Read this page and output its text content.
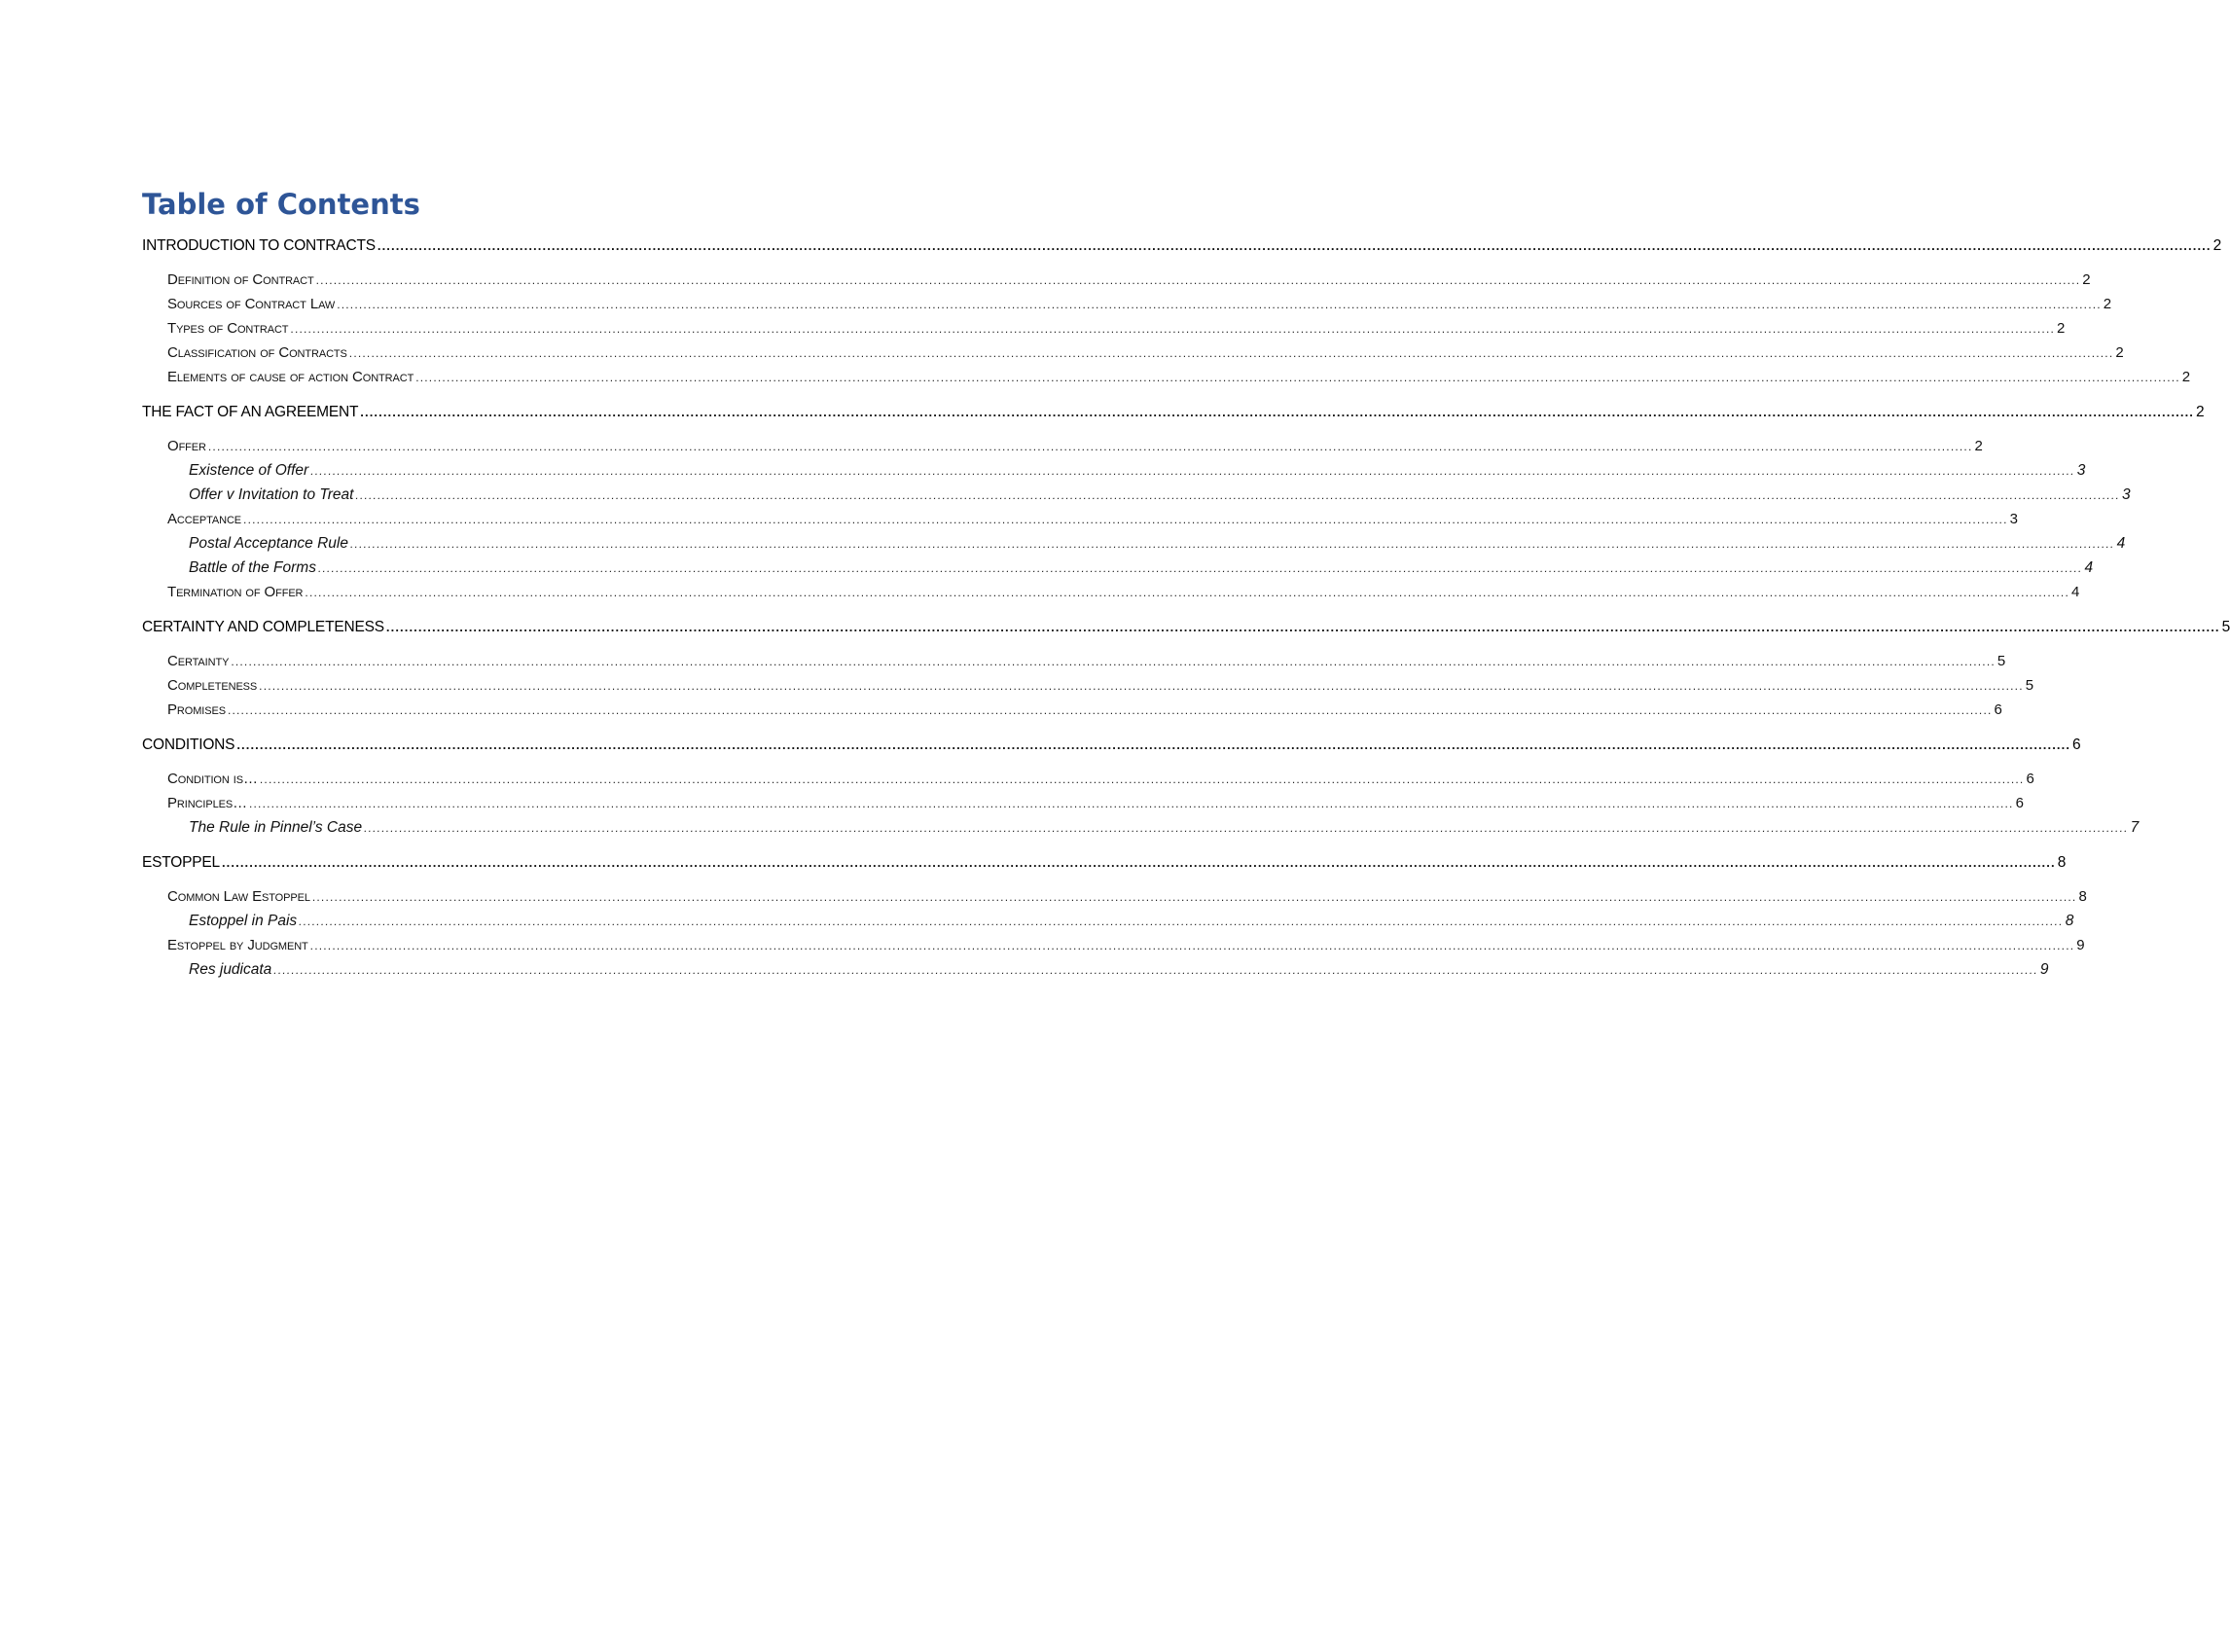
Table of Contents
INTRODUCTION TO CONTRACTS ................................................................................................................................................................................................................................................................................................................................................................................................................ 2
Definition of Contract ................................................................................................................................................................................................................................................................................................................................................................................................................ 2
Sources of Contract Law ................................................................................................................................................................................................................................................................................................................................................................................................................ 2
Types of Contract ................................................................................................................................................................................................................................................................................................................................................................................................................ 2
Classification of Contracts ................................................................................................................................................................................................................................................................................................................................................................................................................ 2
Elements of cause of action Contract ................................................................................................................................................................................................................................................................................................................................................................................................................ 2
THE FACT OF AN AGREEMENT ................................................................................................................................................................................................................................................................................................................................................................................................................ 2
Offer ................................................................................................................................................................................................................................................................................................................................................................................................................ 2
Existence of Offer ................................................................................................................................................................................................................................................................................................................................................................................................................ 3
Offer v Invitation to Treat ................................................................................................................................................................................................................................................................................................................................................................................................................ 3
Acceptance ................................................................................................................................................................................................................................................................................................................................................................................................................ 3
Postal Acceptance Rule ................................................................................................................................................................................................................................................................................................................................................................................................................ 4
Battle of the Forms ................................................................................................................................................................................................................................................................................................................................................................................................................ 4
Termination of Offer ................................................................................................................................................................................................................................................................................................................................................................................................................ 4
CERTAINTY AND COMPLETENESS ................................................................................................................................................................................................................................................................................................................................................................................................................ 5
Certainty ................................................................................................................................................................................................................................................................................................................................................................................................................ 5
Completeness ................................................................................................................................................................................................................................................................................................................................................................................................................ 5
Promises ................................................................................................................................................................................................................................................................................................................................................................................................................ 6
CONDITIONS ................................................................................................................................................................................................................................................................................................................................................................................................................ 6
Condition is… ................................................................................................................................................................................................................................................................................................................................................................................................................ 6
Principles… ................................................................................................................................................................................................................................................................................................................................................................................................................ 6
The Rule in Pinnel’s Case ................................................................................................................................................................................................................................................................................................................................................................................................................ 7
ESTOPPEL ................................................................................................................................................................................................................................................................................................................................................................................................................ 8
Common Law Estoppel ................................................................................................................................................................................................................................................................................................................................................................................................................ 8
Estoppel in Pais ................................................................................................................................................................................................................................................................................................................................................................................................................ 8
Estoppel by Judgment ................................................................................................................................................................................................................................................................................................................................................................................................................ 9
Res judicata ................................................................................................................................................................................................................................................................................................................................................................................................................ 9
